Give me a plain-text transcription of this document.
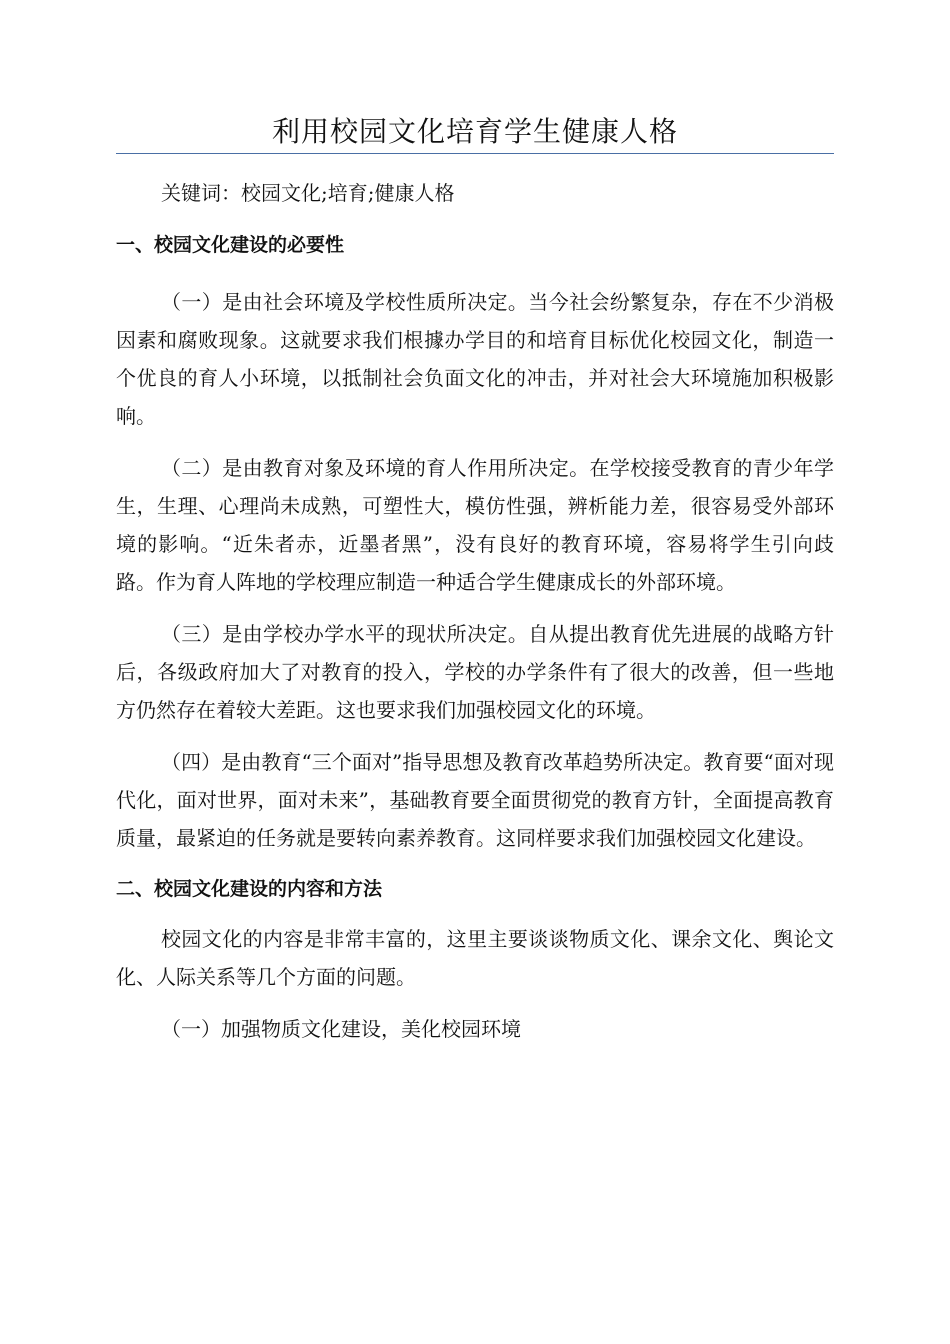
利用校园文化培育学生健康人格

关键词：校园文化;培育;健康人格

一、校园文化建设的必要性

（一）是由社会环境及学校性质所决定。当今社会纷繁复杂，存在不少消极因素和腐败现象。这就要求我们根據办学目的和培育目标优化校园文化，制造一个优良的育人小环境，以抵制社会负面文化的冲击，并对社会大环境施加积极影响。

（二）是由教育对象及环境的育人作用所决定。在学校接受教育的青少年学生，生理、心理尚未成熟，可塑性大，模仿性强，辨析能力差，很容易受外部环境的影响。“近朱者赤，近墨者黑”，没有良好的教育环境，容易将学生引向歧路。作为育人阵地的学校理应制造一种适合学生健康成长的外部环境。

（三）是由学校办学水平的现状所决定。自从提出教育优先进展的战略方针后，各级政府加大了对教育的投入，学校的办学条件有了很大的改善，但一些地方仍然存在着较大差距。这也要求我们加强校园文化的环境。

（四）是由教育“三个面对”指导思想及教育改革趋势所决定。教育要“面对现代化，面对世界，面对未来”，基础教育要全面贯彻党的教育方针，全面提高教育质量，最紧迫的任务就是要转向素养教育。这同样要求我们加强校园文化建设。

二、校园文化建设的内容和方法

校园文化的内容是非常丰富的，这里主要谈谈物质文化、课余文化、舆论文化、人际关系等几个方面的问题。

（一）加强物质文化建设，美化校园环境
